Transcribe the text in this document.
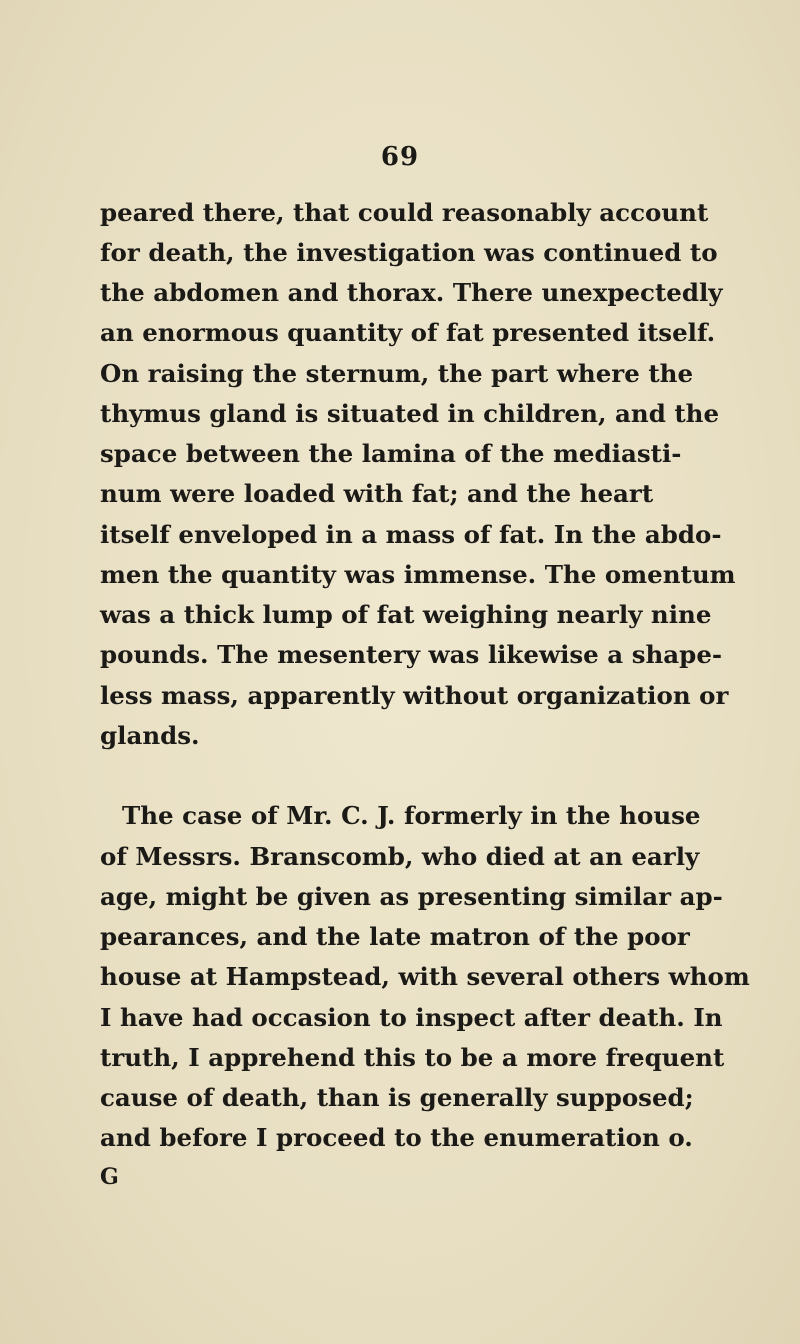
69
peared there, that could reasonably account
for death, the investigation was continued to
the abdomen and thorax. There unexpectedly
an enormous quantity of fat presented itself.
On raising the sternum, the part where the
thymus gland is situated in children, and the
space between the lamina of the mediasti-
num were loaded with fat; and the heart
itself enveloped in a mass of fat. In the abdo-
men the quantity was immense. The omentum
was a thick lump of fat weighing nearly nine
pounds. The mesentery was likewise a shape-
less mass, apparently without organization or
glands.
The case of Mr. C. J. formerly in the house
of Messrs. Branscomb, who died at an early
age, might be given as presenting similar ap-
pearances, and the late matron of the poor
house at Hampstead, with several others whom
I have had occasion to inspect after death. In
truth, I apprehend this to be a more frequent
cause of death, than is generally supposed;
and before I proceed to the enumeration o.
G
